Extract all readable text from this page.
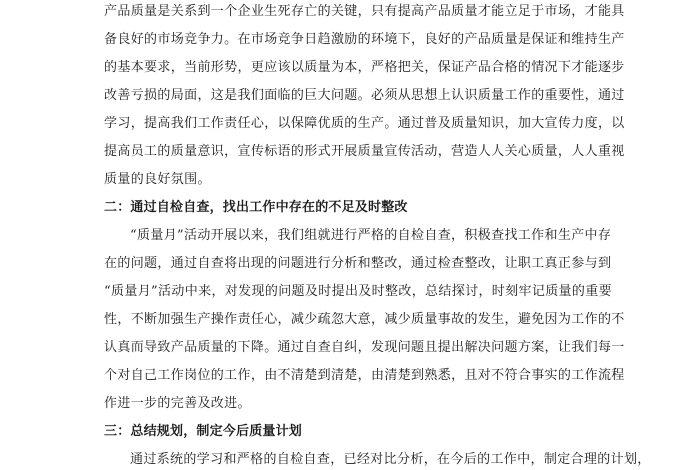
产品质量是关系到一个企业生死存亡的关键，只有提高产品质量才能立足于市场，才能具
备良好的市场竞争力。在市场竞争日趋激励的环境下，良好的产品质量是保证和维持生产
的基本要求，当前形势，更应该以质量为本，严格把关，保证产品合格的情况下才能逐步
改善亏损的局面，这是我们面临的巨大问题。必须从思想上认识质量工作的重要性，通过
学习，提高我们工作责任心，以保障优质的生产。通过普及质量知识，加大宣传力度，以
提高员工的质量意识，宣传标语的形式开展质量宣传活动，营造人人关心质量，人人重视
质量的良好氛围。
二：通过自检自查，找出工作中存在的不足及时整改
“质量月”活动开展以来，我们组就进行严格的自检自查，积极查找工作和生产中存
在的问题，通过自查将出现的问题进行分析和整改，通过检查整改，让职工真正参与到
“质量月”活动中来，对发现的问题及时提出及时整改，总结探讨，时刻牢记质量的重要
性，不断加强生产操作责任心，减少疏忽大意，减少质量事故的发生，避免因为工作的不
认真而导致产品质量的下降。通过自查自纠，发现问题且提出解决问题方案，让我们每一
个对自己工作岗位的工作，由不清楚到清楚，由清楚到熟悉，且对不符合事实的工作流程
作进一步的完善及改进。
三：总结规划，制定今后质量计划
通过系统的学习和严格的自检自查，已经对比分析，在今后的工作中，制定合理的计划，
